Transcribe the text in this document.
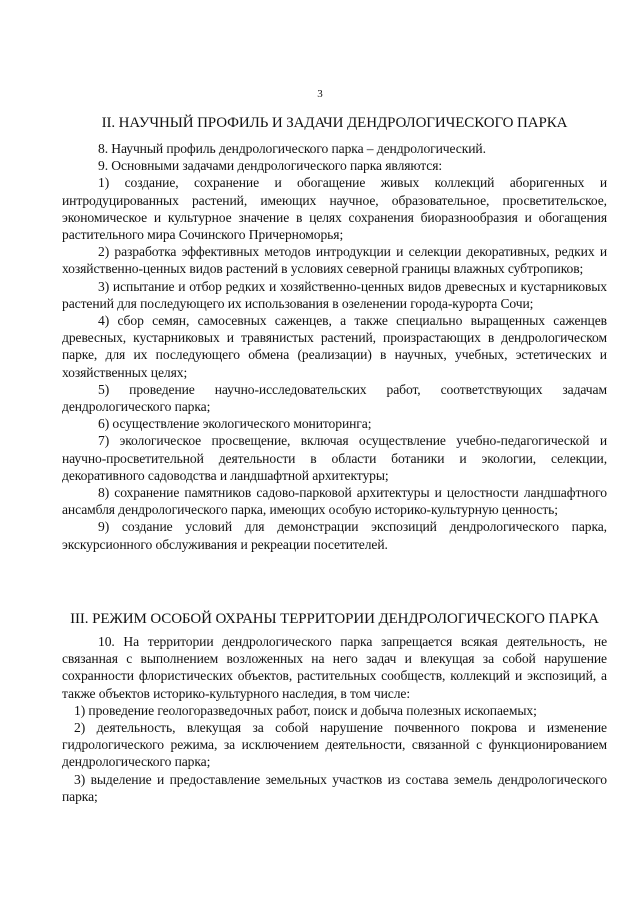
3
II. НАУЧНЫЙ ПРОФИЛЬ И ЗАДАЧИ ДЕНДРОЛОГИЧЕСКОГО ПАРКА

8. Научный профиль дендрологического парка – дендрологический.

9. Основными задачами дендрологического парка являются:

1) создание, сохранение и обогащение живых коллекций аборигенных и интродуцированных растений, имеющих научное, образовательное, просветительское, экономическое и культурное значение в целях сохранения биоразнообразия и обогащения растительного мира Сочинского Причерноморья;

2) разработка эффективных методов интродукции и селекции декоративных, редких и хозяйственно-ценных видов растений в условиях северной границы влажных субтропиков;

3) испытание и отбор редких и хозяйственно-ценных видов древесных и кустарниковых растений для последующего их использования в озеленении города-курорта Сочи;

4) сбор семян, самосевных саженцев, а также специально выращенных саженцев древесных, кустарниковых и травянистых растений, произрастающих в дендрологическом парке, для их последующего обмена (реализации) в научных, учебных, эстетических и хозяйственных целях;

5) проведение научно-исследовательских работ, соответствующих задачам дендрологического парка;

6) осуществление экологического мониторинга;

7) экологическое просвещение, включая осуществление учебно-педагогической и научно-просветительной деятельности в области ботаники и экологии, селекции, декоративного садоводства и ландшафтной архитектуры;

8) сохранение памятников садово-парковой архитектуры и целостности ландшафтного ансамбля дендрологического парка, имеющих особую историко-культурную ценность;

9) создание условий для демонстрации экспозиций дендрологического парка, экскурсионного обслуживания и рекреации посетителей.

III. РЕЖИМ ОСОБОЙ ОХРАНЫ ТЕРРИТОРИИ ДЕНДРОЛОГИЧЕСКОГО ПАРКА

10. На территории дендрологического парка запрещается всякая деятельность, не связанная с выполнением возложенных на него задач и влекущая за собой нарушение сохранности флористических объектов, растительных сообществ, коллекций и экспозиций, а также объектов историко-культурного наследия, в том числе:

1) проведение геологоразведочных работ, поиск и добыча полезных ископаемых;

2) деятельность, влекущая за собой нарушение почвенного покрова и изменение гидрологического режима, за исключением деятельности, связанной с функционированием дендрологического парка;

3) выделение и предоставление земельных участков из состава земель дендрологического парка;
